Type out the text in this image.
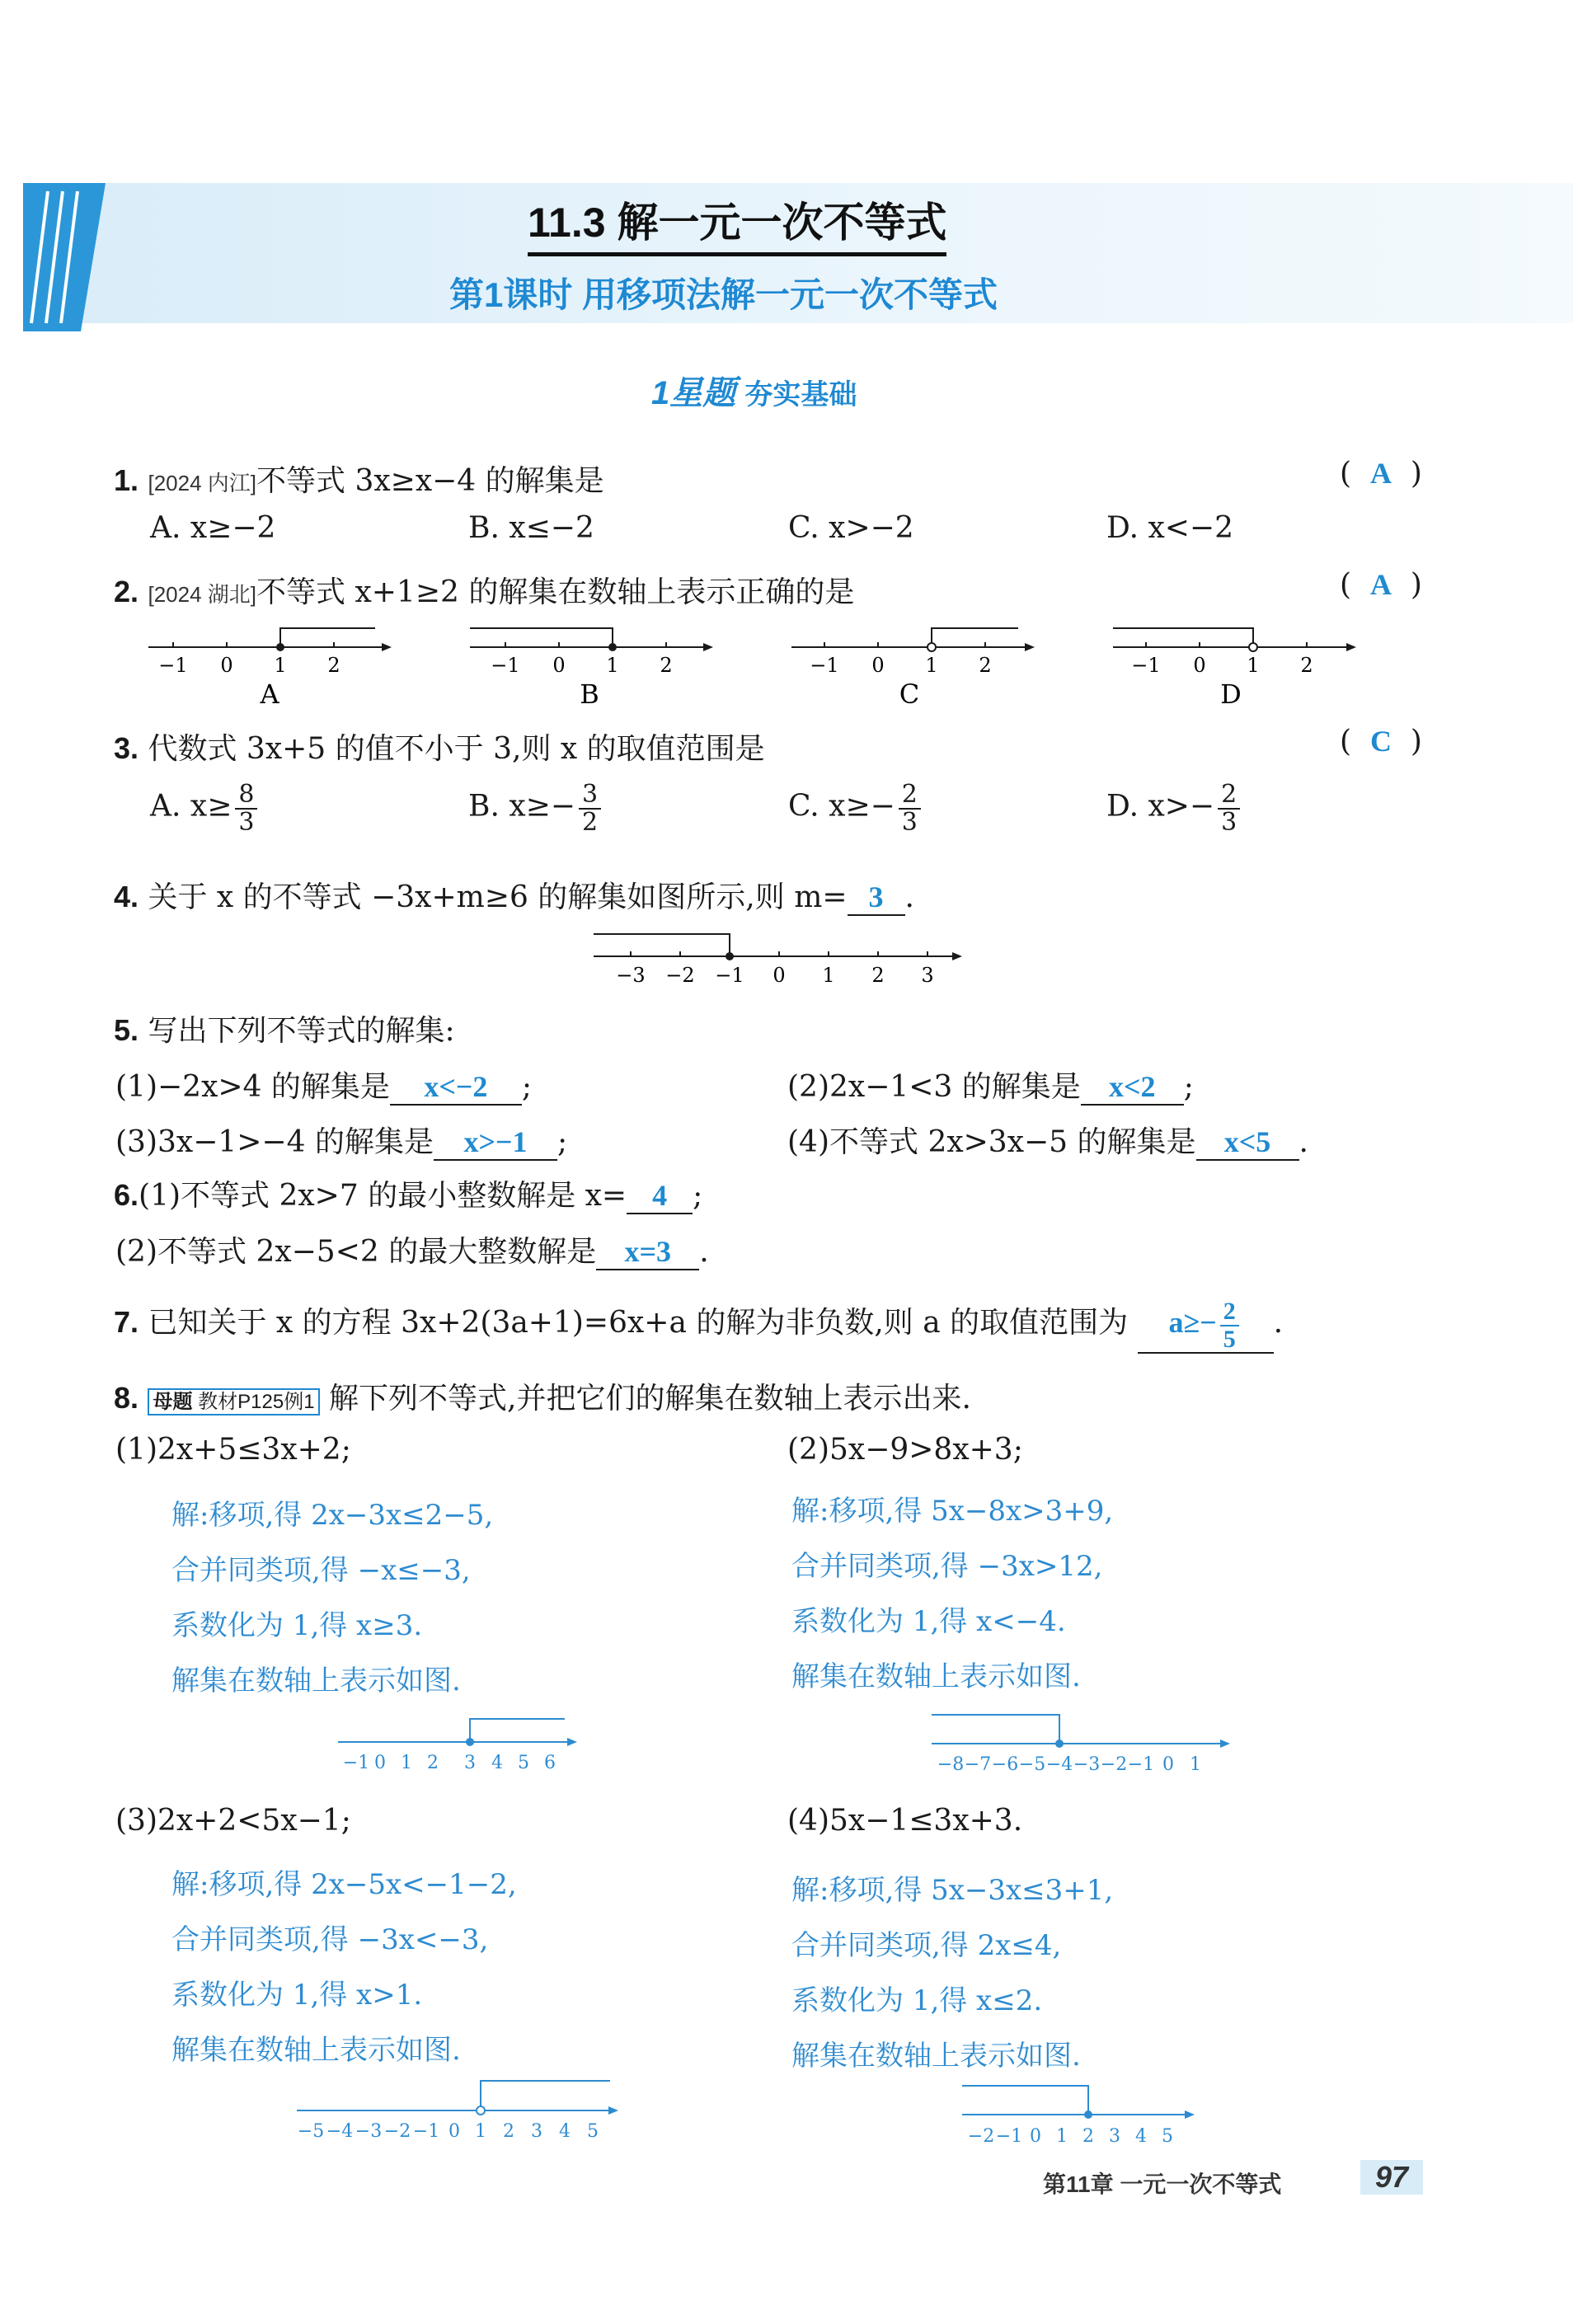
11.3 解一元一次不等式
第1课时 用移项法解一元一次不等式
1星题 夯实基础
1. [2024 内江]不等式 3x≥x−4 的解集是	(  A  )
A. x≥−2	B. x≤−2	C. x>−2	D. x<−2
2. [2024 湖北]不等式 x+1≥2 的解集在数轴上表示正确的是	(  A  )
−1 0 1 2
A
−1 0 1 2
B
−1 0 1 2
C
−1 0 1 2
D
3. 代数式 3x+5 的值不小于 3,则 x 的取值范围是	(  C  )
A. $x\ge \frac{8}{3}$	B. $x\ge- \frac{3}{2}$	C. $x\ge- \frac{2}{3}$	D. $x>- \frac{2}{3}$
4. 关于 x 的不等式 −3x+m≥6 的解集如图所示,则 m= 3 .
−3 −2 −1 0 1 2 3
5. 写出下列不等式的解集:
(1)−2x>4 的解集是 x<−2 ;	(2)2x−1<3 的解集是 x<2 ;
(3)3x−1>−4 的解集是 x>−1 ;	(4)不等式 2x>3x−5 的解集是 x<5 .
6.(1)不等式 2x>7 的最小整数解是 x= 4 ;
(2)不等式 2x−5<2 的最大整数解是 x=3 .
7. 已知关于 x 的方程 3x+2(3a+1)=6x+a 的解为非负数,则 a 的取值范围为 $a\ge- \frac{2}{5}$ .
8. 母题 教材P125例1 解下列不等式,并把它们的解集在数轴上表示出来.
(1)2x+5≤3x+2;
解:移项,得 2x−3x≤2−5,
合并同类项,得 −x≤−3,
系数化为 1,得 x≥3.
解集在数轴上表示如图.
−1 0 1 2 3 4 5 6
(2)5x−9>8x+3;
解:移项,得 5x−8x>3+9,
合并同类项,得 −3x>12,
系数化为 1,得 x<−4.
解集在数轴上表示如图.
−8 −7 −6 −5 −4 −3 −2 −1 0 1
(3)2x+2<5x−1;
解:移项,得 2x−5x<−1−2,
合并同类项,得 −3x<−3,
系数化为 1,得 x>1.
解集在数轴上表示如图.
−5 −4 −3 −2 −1 0 1 2 3 4 5
(4)5x−1≤3x+3.
解:移项,得 5x−3x≤3+1,
合并同类项,得 2x≤4,
系数化为 1,得 x≤2.
解集在数轴上表示如图.
−2 −1 0 1 2 3 4 5
第11章 一元一次不等式	97
